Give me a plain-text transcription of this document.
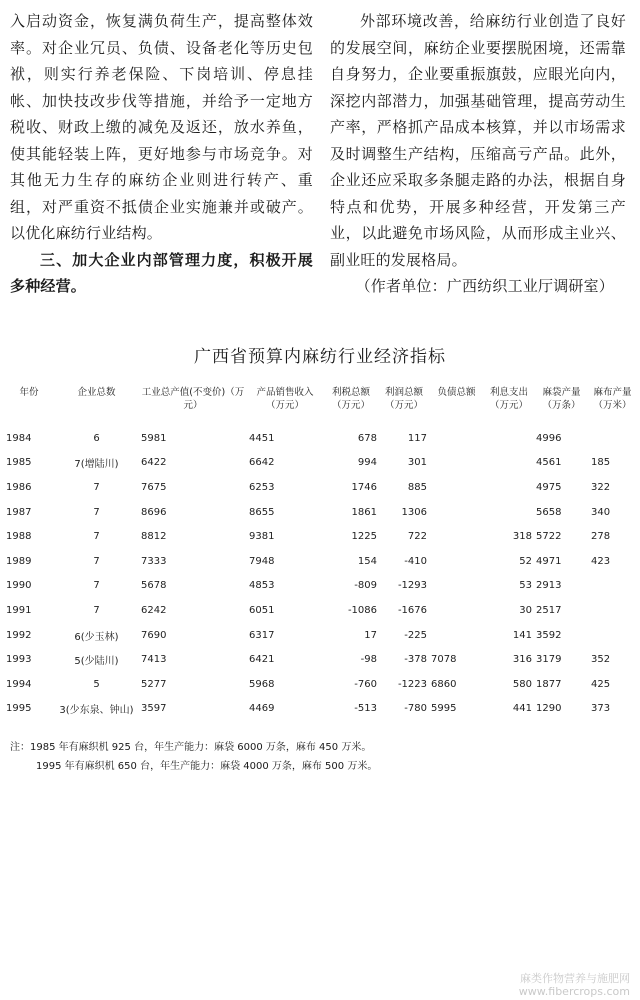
入启动资金，恢复满负荷生产，提高整体效率。对企业冗员、负债、设备老化等历史包袱，则实行养老保险、下岗培训、停息挂帐、加快技改步伐等措施，并给予一定地方税收、财政上缴的减免及返还，放水养鱼，使其能轻装上阵，更好地参与市场竞争。对其他无力生存的麻纺企业则进行转产、重组，对严重资不抵债企业实施兼并或破产。以优化麻纺行业结构。

三、加大企业内部管理力度，积极开展多种经营。

外部环境改善，给麻纺行业创造了良好的发展空间，麻纺企业要摆脱困境，还需靠自身努力，企业要重振旗鼓，应眼光向内，深挖内部潜力，加强基础管理，提高劳动生产率，严格抓产品成本核算，并以市场需求及时调整生产结构，压缩高亏产品。此外，企业还应采取多条腿走路的办法，根据自身特点和优势，开展多种经营，开发第三产业，以此避免市场风险，从而形成主业兴、副业旺的发展格局。

（作者单位：广西纺织工业厅调研室）

广西省预算内麻纺行业经济指标
年份	企业总数	工业总产值(不变价)（万元）	产品销售收入（万元）	利税总额（万元）	利润总额（万元）	负债总额	利息支出（万元）	麻袋产量（万条）	麻布产量（万米）
1984	6	5981	4451	678	117			4996	
1985	7(增陆川)	6422	6642	994	301			4561	185
1986	7	7675	6253	1746	885			4975	322
1987	7	8696	8655	1861	1306			5658	340
1988	7	8812	9381	1225	722		318	5722	278
1989	7	7333	7948	154	-410		52	4971	423
1990	7	5678	4853	-809	-1293		53	2913	
1991	7	6242	6051	-1086	-1676		30	2517	
1992	6(少玉林)	7690	6317	17	-225		141	3592	
1993	5(少陆川)	7413	6421	-98	-378	7078	316	3179	352
1994	5	5277	5968	-760	-1223	6860	580	1877	425
1995	3(少东泉、钟山)	3597	4469	-513	-780	5995	441	1290	373
注：1985 年有麻织机 925 台，年生产能力：麻袋 6000 万条，麻布 450 万米。
1995 年有麻织机 650 台，年生产能力：麻袋 4000 万条，麻布 500 万米。
麻类作物营养与施肥网
www.fibercrops.com
